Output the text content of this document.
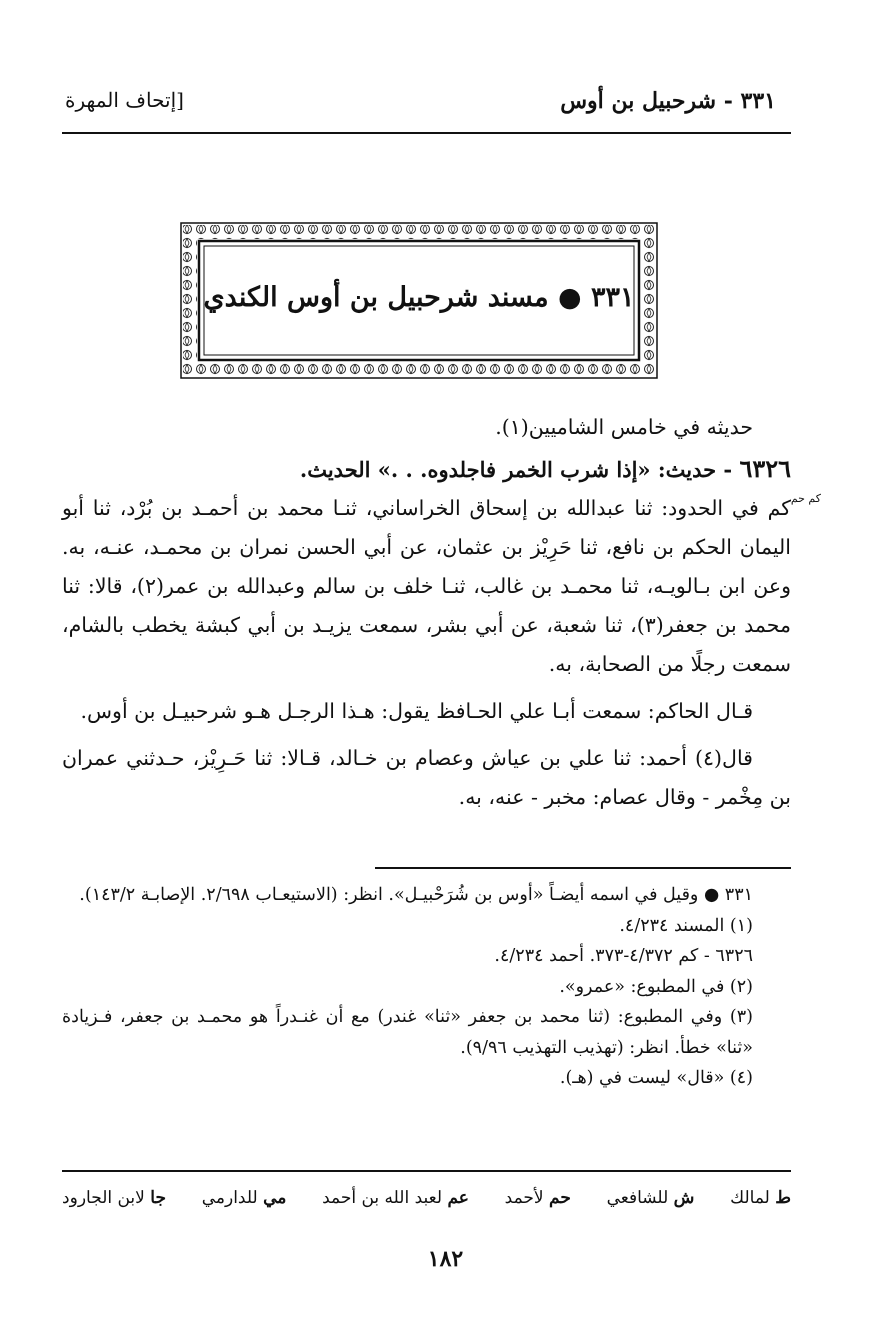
٣٣١ - شرحبيل بن أوس
[إتحاف المهرة
٣٣١ ● مسند شرحبيل بن أوس الكندي

حديثه في خامس الشاميين(١).

٦٣٢٦ - حديث: «إذا شرب الخمر فاجلدوه. . .» الحديث.

كم حم

كم في الحدود: ثنا عبدالله بن إسحاق الخراساني، ثنـا محمد بن أحمـد بن بُرْد، ثنا أبو اليمان الحكم بن نافع، ثنا حَرِيْز بن عثمان، عن أبي الحسن نمران بن محمـد، عنـه، به. وعن ابن بـالويـه، ثنا محمـد بن غالب، ثنـا خلف بن سالم وعبدالله بن عمر(٢)، قالا: ثنا محمد بن جعفر(٣)، ثنا شعبة، عن أبي بشر، سمعت يزيـد بن أبي كبشة يخطب بالشام، سمعت رجلًا من الصحابة، به.

قـال الحاكم: سمعت أبـا علي الحـافظ يقول: هـذا الرجـل هـو شرحبيـل بن أوس.

قال(٤) أحمد: ثنا علي بن عياش وعصام بن خـالد، قـالا: ثنا حَـرِيْز، حـدثني عمران بن مِخْمر - وقال عصام: مخبر - عنه، به.

٣٣١ ● وقيل في اسمه أيضـاً «أوس بن شُرَحْبيـل». انظر: (الاستيعـاب ٢/٦٩٨. الإصابـة ١٤٣/٢).

(١) المسند ٤/٢٣٤.

٦٣٢٦ - كم ٤/٣٧٢-٣٧٣. أحمد ٤/٢٣٤.

(٢) في المطبوع: «عمرو».

(٣) وفي المطبوع: (ثنا محمد بن جعفر «ثنا» غندر) مع أن غنـدراً هو محمـد بن جعفر، فـزيادة «ثنا» خطأ. انظر: (تهذيب التهذيب ٩/٩٦).

(٤) «قال» ليست في (هـ).

ط لمالك
ش للشافعي
حم لأحمد
عم لعبد الله بن أحمد
مي للدارمي
جا لابن الجارود
١٨٢
